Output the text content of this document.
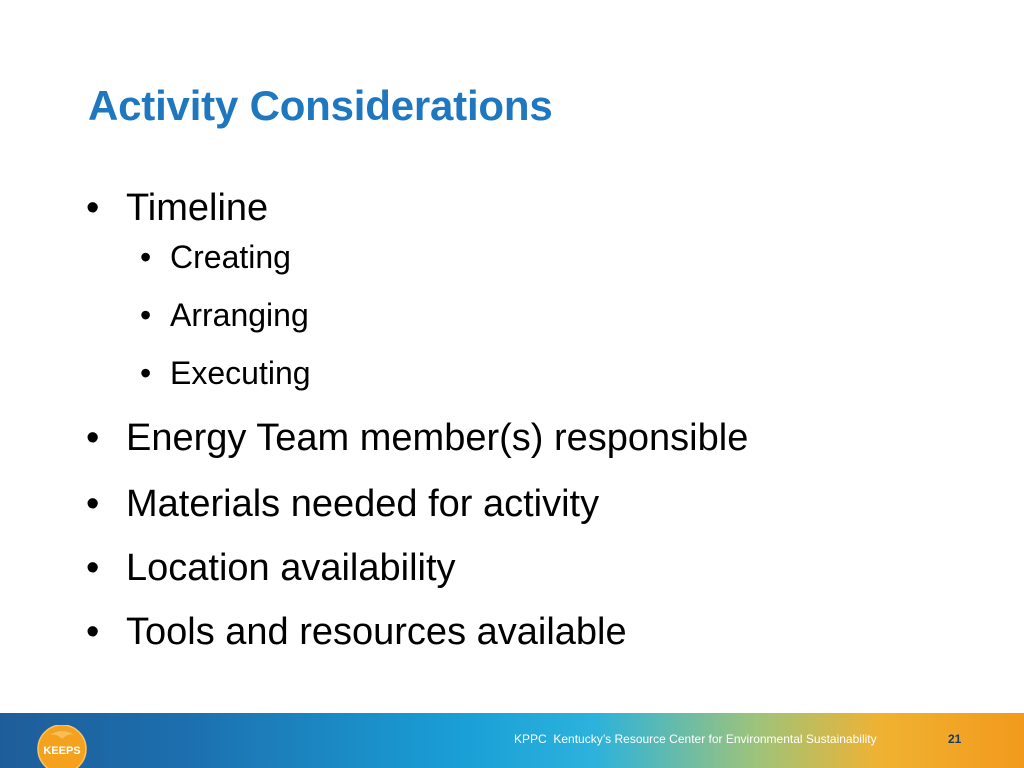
Activity Considerations
• Timeline
• Creating
• Arranging
• Executing
• Energy Team member(s) responsible
• Materials needed for activity
• Location availability
• Tools and resources available
KEEPS
KPPC  Kentucky’s Resource Center for Environmental Sustainability	21
